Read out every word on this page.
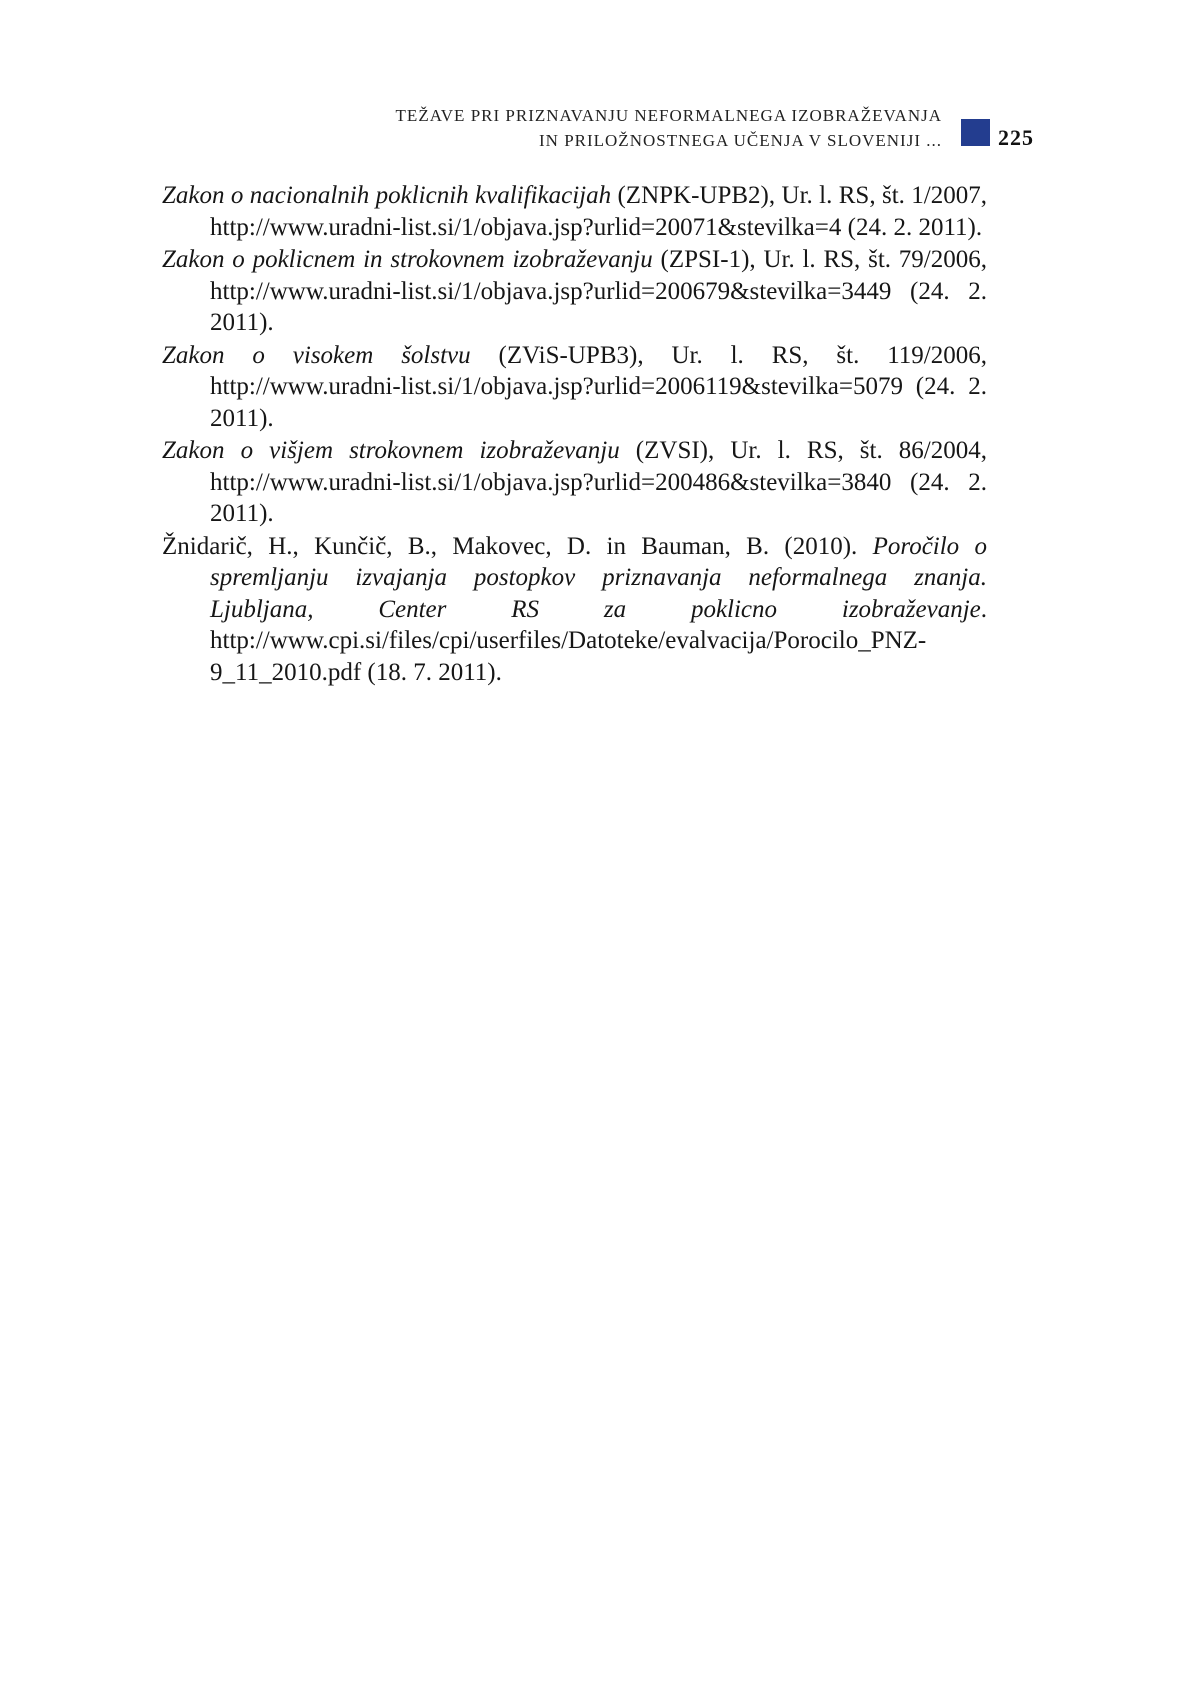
TEŽAVE PRI PRIZNAVANJU NEFORMALNEGA IZOBRAŽEVANJA
IN PRILOŽNOSTNEGA UČENJA V SLOVENIJI ...	225

Zakon o nacionalnih poklicnih kvalifikacijah (ZNPK-UPB2), Ur. l. RS, št. 1/2007, http://www.uradni-list.si/1/objava.jsp?urlid=20071&stevilka=4 (24. 2. 2011).

Zakon o poklicnem in strokovnem izobraževanju (ZPSI-1), Ur. l. RS, št. 79/2006, http://www.uradni-list.si/1/objava.jsp?urlid=200679&stevilka=3449 (24. 2. 2011).

Zakon o visokem šolstvu (ZViS-UPB3), Ur. l. RS, št. 119/2006, http://www.uradni-list.si/1/objava.jsp?urlid=2006119&stevilka=5079 (24. 2. 2011).

Zakon o višjem strokovnem izobraževanju (ZVSI), Ur. l. RS, št. 86/2004, http://www.uradni-list.si/1/objava.jsp?urlid=200486&stevilka=3840 (24. 2. 2011).

Žnidarič, H., Kunčič, B., Makovec, D. in Bauman, B. (2010). Poročilo o spremljanju izvajanja postopkov priznavanja neformalnega znanja. Ljubljana, Center RS za poklicno izobraževanje. http://www.cpi.si/files/cpi/userfiles/Datoteke/evalvacija/Porocilo_PNZ-9_11_2010.pdf (18. 7. 2011).
